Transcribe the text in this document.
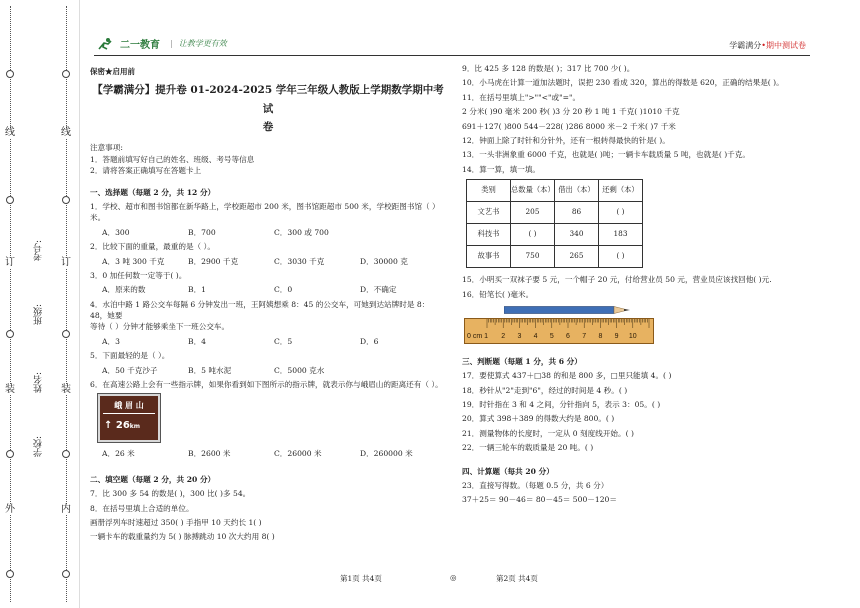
线
订
装
外
线
订
装
内
学校:
姓名:
班级:
考号:
二一教育 | 让教学更有效	学霸满分•期中测试卷
保密★启用前
【学霸满分】提升卷 01-2024-2025 学年三年级人教版上学期数学期中考试
卷
注意事项:
1．答题前填写好自己的姓名、班级、考号等信息
2．请将答案正确填写在答题卡上
一、选择题（每题 2 分，共 12 分）
1．学校、超市和图书馆都在新华路上，学校距超市 200 米，图书馆距超市 500 米，学校距图书馆（ ）米。
A．300	B．700	C．300 或 700
2．比较下面的重量，最重的是（ ）。
A．3 吨 300 千克	B．2900 千克	C．3030 千克	D．30000 克
3．0 加任何数一定等于( )。
A．原来的数	B．1	C．0	D．不确定
4．水泊中路 1 路公交车每隔 6 分钟发出一班，王阿姨想乘 8：45 的公交车，可她到达站牌时是 8：48，她要
等待（ ）分钟才能够乘坐下一班公交车。
A．3	B．4	C．5	D．6
5．下面最轻的是（ ）。
A．50 千克沙子	B．5 吨水泥	C．5000 克水
6．在高速公路上会有一些指示牌，如果你看到如下图所示的指示牌，就表示你与峨眉山的距离还有（ ）。
峨 眉 山
↑ 26km
A．26 米	B．2600 米	C．26000 米	D．260000 米
二、填空题（每题 2 分，共 20 分）
7．比 300 多 54 的数是( )，300 比( )多 54。
8．在括号里填上合适的单位。
画册浮列车时速超过 350( ) 手指甲 10 天约长 1( )
一辆卡车的载重量约为 5( ) 脉搏跳动 10 次大约用 8( )
9．比 425 多 128 的数是( )；317 比 700 少( )。
10．小马虎在计算一道加法题时，误把 230 看成 320，算出的得数是 620，正确的结果是( )。
11．在括号里填上">""<"或"="。
2 分米( )90 毫米 200 秒( )3 分 20 秒 1 吨 1 千克( )1010 千克
691＋127( )800 544－228( )286 8000 米－2 千米( )7 千米
12．钟面上除了时针和分针外，还有一根转得最快的针是( )。
13．一头非洲象重 6000 千克，也就是( )吨；一辆卡车载质量 5 吨，也就是( )千克。
14．算一算，填一填。
类别	总数量（本）	借出（本）	还剩（本）
文艺书	205	86	( )
科技书	( )	340	183
故事书	750	265	( )
15．小明买一双袜子要 5 元，一个帽子 20 元，付给营业员 50 元，营业员应该找回他( )元.
16．铅笔长( )毫米。
0 cm 1 2 3 4 5 6 7 8 9 10
三、判断题（每题 1 分，共 6 分）
17．要使算式 437＋□38 的和是 800 多，□里只能填 4。( )
18．秒针从"2"走到"6"，经过的时间是 4 秒。( )
19．时针指在 3 和 4 之间，分针指向 5，表示 3：05。( )
20．算式 398＋389 的得数大约是 800。( )
21．测量物体的长度时，一定从 0 刻度线开始。( )
22．一辆三轮车的载质量是 20 吨。( )
四、计算题（每共 20 分）
23．直接写得数。（每题 0.5 分，共 6 分）
37＋25＝ 90－46＝ 80－45＝ 500－120＝
第1页 共4页	◎	第2页 共4页
